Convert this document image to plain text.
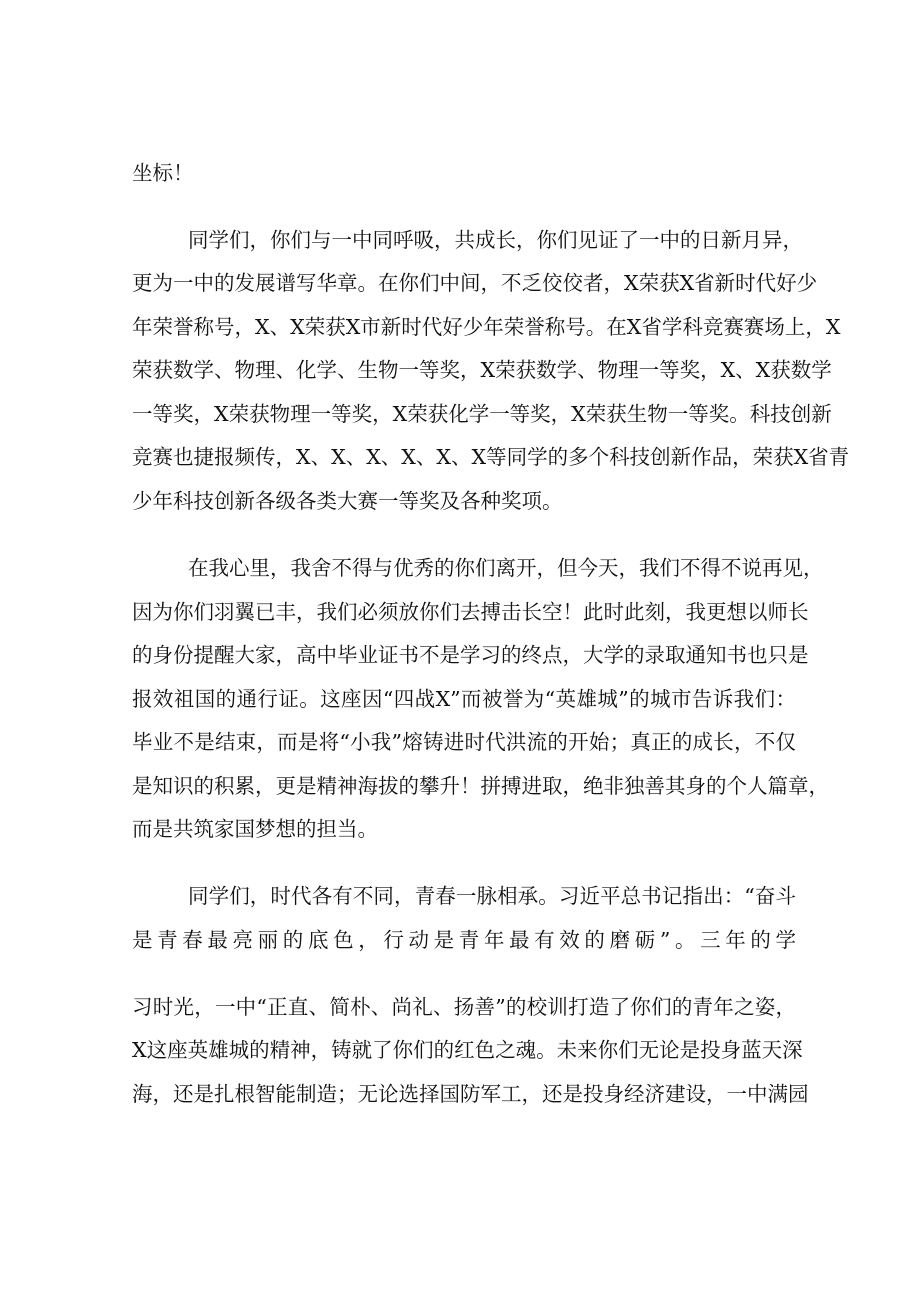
坐标！
同学们，你们与一中同呼吸，共成长，你们见证了一中的日新月异，
更为一中的发展谱写华章。在你们中间，不乏佼佼者，X荣获X省新时代好少
年荣誉称号，X、X荣获X市新时代好少年荣誉称号。在X省学科竞赛赛场上，X
荣获数学、物理、化学、生物一等奖，X荣获数学、物理一等奖，X、X获数学
一等奖，X荣获物理一等奖，X荣获化学一等奖，X荣获生物一等奖。科技创新
竞赛也捷报频传，X、X、X、X、X、X等同学的多个科技创新作品，荣获X省青
少年科技创新各级各类大赛一等奖及各种奖项。
在我心里，我舍不得与优秀的你们离开，但今天，我们不得不说再见，
因为你们羽翼已丰，我们必须放你们去搏击长空！此时此刻，我更想以师长
的身份提醒大家，高中毕业证书不是学习的终点，大学的录取通知书也只是
报效祖国的通行证。这座因“四战X”而被誉为“英雄城”的城市告诉我们：
毕业不是结束，而是将“小我”熔铸进时代洪流的开始；真正的成长，不仅
是知识的积累，更是精神海拔的攀升！拼搏进取，绝非独善其身的个人篇章，
而是共筑家国梦想的担当。
同学们，时代各有不同，青春一脉相承。习近平总书记指出：“奋斗
是青春最亮丽的底色，行动是青年最有效的磨砺”。三年的学
习时光，一中“正直、简朴、尚礼、扬善”的校训打造了你们的青年之姿，
X这座英雄城的精神，铸就了你们的红色之魂。未来你们无论是投身蓝天深
海，还是扎根智能制造；无论选择国防军工，还是投身经济建设，一中满园
